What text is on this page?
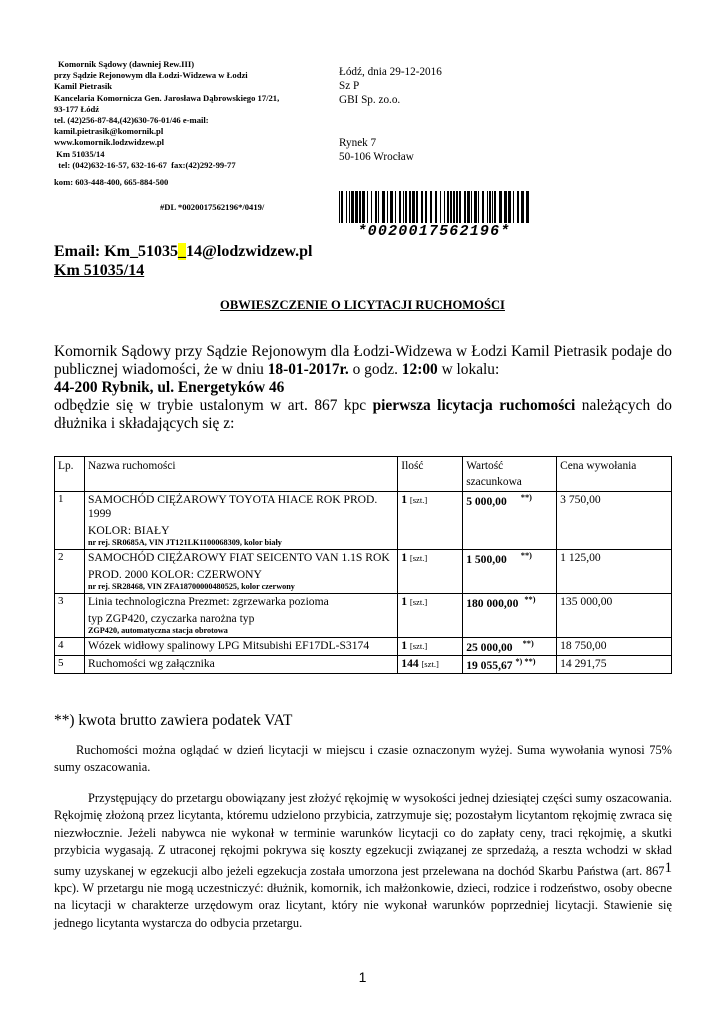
Komornik Sądowy (dawniej Rew.III)
przy Sądzie Rejonowym dla Łodzi-Widzewa w Łodzi
Kamil Pietrasik
Kancelaria Komornicza Gen. Jarosława Dąbrowskiego 17/21,
93-177 Łódź
tel. (42)256-87-84,(42)630-76-01/46 e-mail:
kamil.pietrasik@komornik.pl
www.komornik.lodzwidzew.pl
Km 51035/14
tel: (042)632-16-57, 632-16-67  fax:(42)292-99-77
kom: 603-448-400, 665-884-500
#DL *0020017562196*/0419/
Łódź, dnia 29-12-2016
Sz P
GBI Sp. zo.o.
Rynek 7
50-106 Wrocław
*0020017562196*
Email: Km_51035_14@lodzwidzew.pl
Km 51035/14
OBWIESZCZENIE O LICYTACJI RUCHOMOŚCI
Komornik Sądowy przy Sądzie Rejonowym dla Łodzi-Widzewa w Łodzi Kamil Pietrasik podaje do publicznej wiadomości, że w dniu 18-01-2017r. o godz. 12:00 w lokalu:
44-200 Rybnik, ul. Energetyków 46
odbędzie się w trybie ustalonym w art. 867 kpc pierwsza licytacja ruchomości należących do dłużnika i składających się z:
Lp.	Nazwa ruchomości	Ilość	Wartość szacunkowa	Cena wywołania
1	SAMOCHÓD CIĘŻAROWY TOYOTA HIACE ROK PROD. 1999
KOLOR: BIAŁY
nr rej. SR0685A, VIN JT121LK1100068309, kolor biały	1 [szt.]	5 000,00 **)	3 750,00
2	SAMOCHÓD CIĘŻAROWY FIAT SEICENTO VAN 1.1S ROK
PROD. 2000 KOLOR: CZERWONY
nr rej. SR28468, VIN ZFA18700000480525, kolor czerwony	1 [szt.]	1 500,00 **)	1 125,00
3	Linia technologiczna Prezmet: zgrzewarka pozioma
typ ZGP420, czyczarka narożna typ
ZGP420, automatyczna stacja obrotowa	1 [szt.]	180 000,00 **)	135 000,00
4	Wózek widłowy spalinowy LPG Mitsubishi EF17DL-S3174	1 [szt.]	25 000,00 **)	18 750,00
5	Ruchomości wg załącznika	144 [szt.]	19 055,67 *) **)	14 291,75
**) kwota brutto zawiera podatek VAT
Ruchomości można oglądać w dzień licytacji w miejscu i czasie oznaczonym wyżej. Suma wywołania wynosi 75% sumy oszacowania.
Przystępujący do przetargu obowiązany jest złożyć rękojmię w wysokości jednej dziesiątej części sumy oszacowania. Rękojmię złożoną przez licytanta, któremu udzielono przybicia, zatrzymuje się; pozostałym licytantom rękojmię zwraca się niezwłocznie. Jeżeli nabywca nie wykonał w terminie warunków licytacji co do zapłaty ceny, traci rękojmię, a skutki przybicia wygasają. Z utraconej rękojmi pokrywa się koszty egzekucji związanej ze sprzedażą, a reszta wchodzi w skład sumy uzyskanej w egzekucji albo jeżeli egzekucja została umorzona jest przelewana na dochód Skarbu Państwa (art. 8671 kpc). W przetargu nie mogą uczestniczyć: dłużnik, komornik, ich małżonkowie, dzieci, rodzice i rodzeństwo, osoby obecne na licytacji w charakterze urzędowym oraz licytant, który nie wykonał warunków poprzedniej licytacji. Stawienie się jednego licytanta wystarcza do odbycia przetargu.
1
